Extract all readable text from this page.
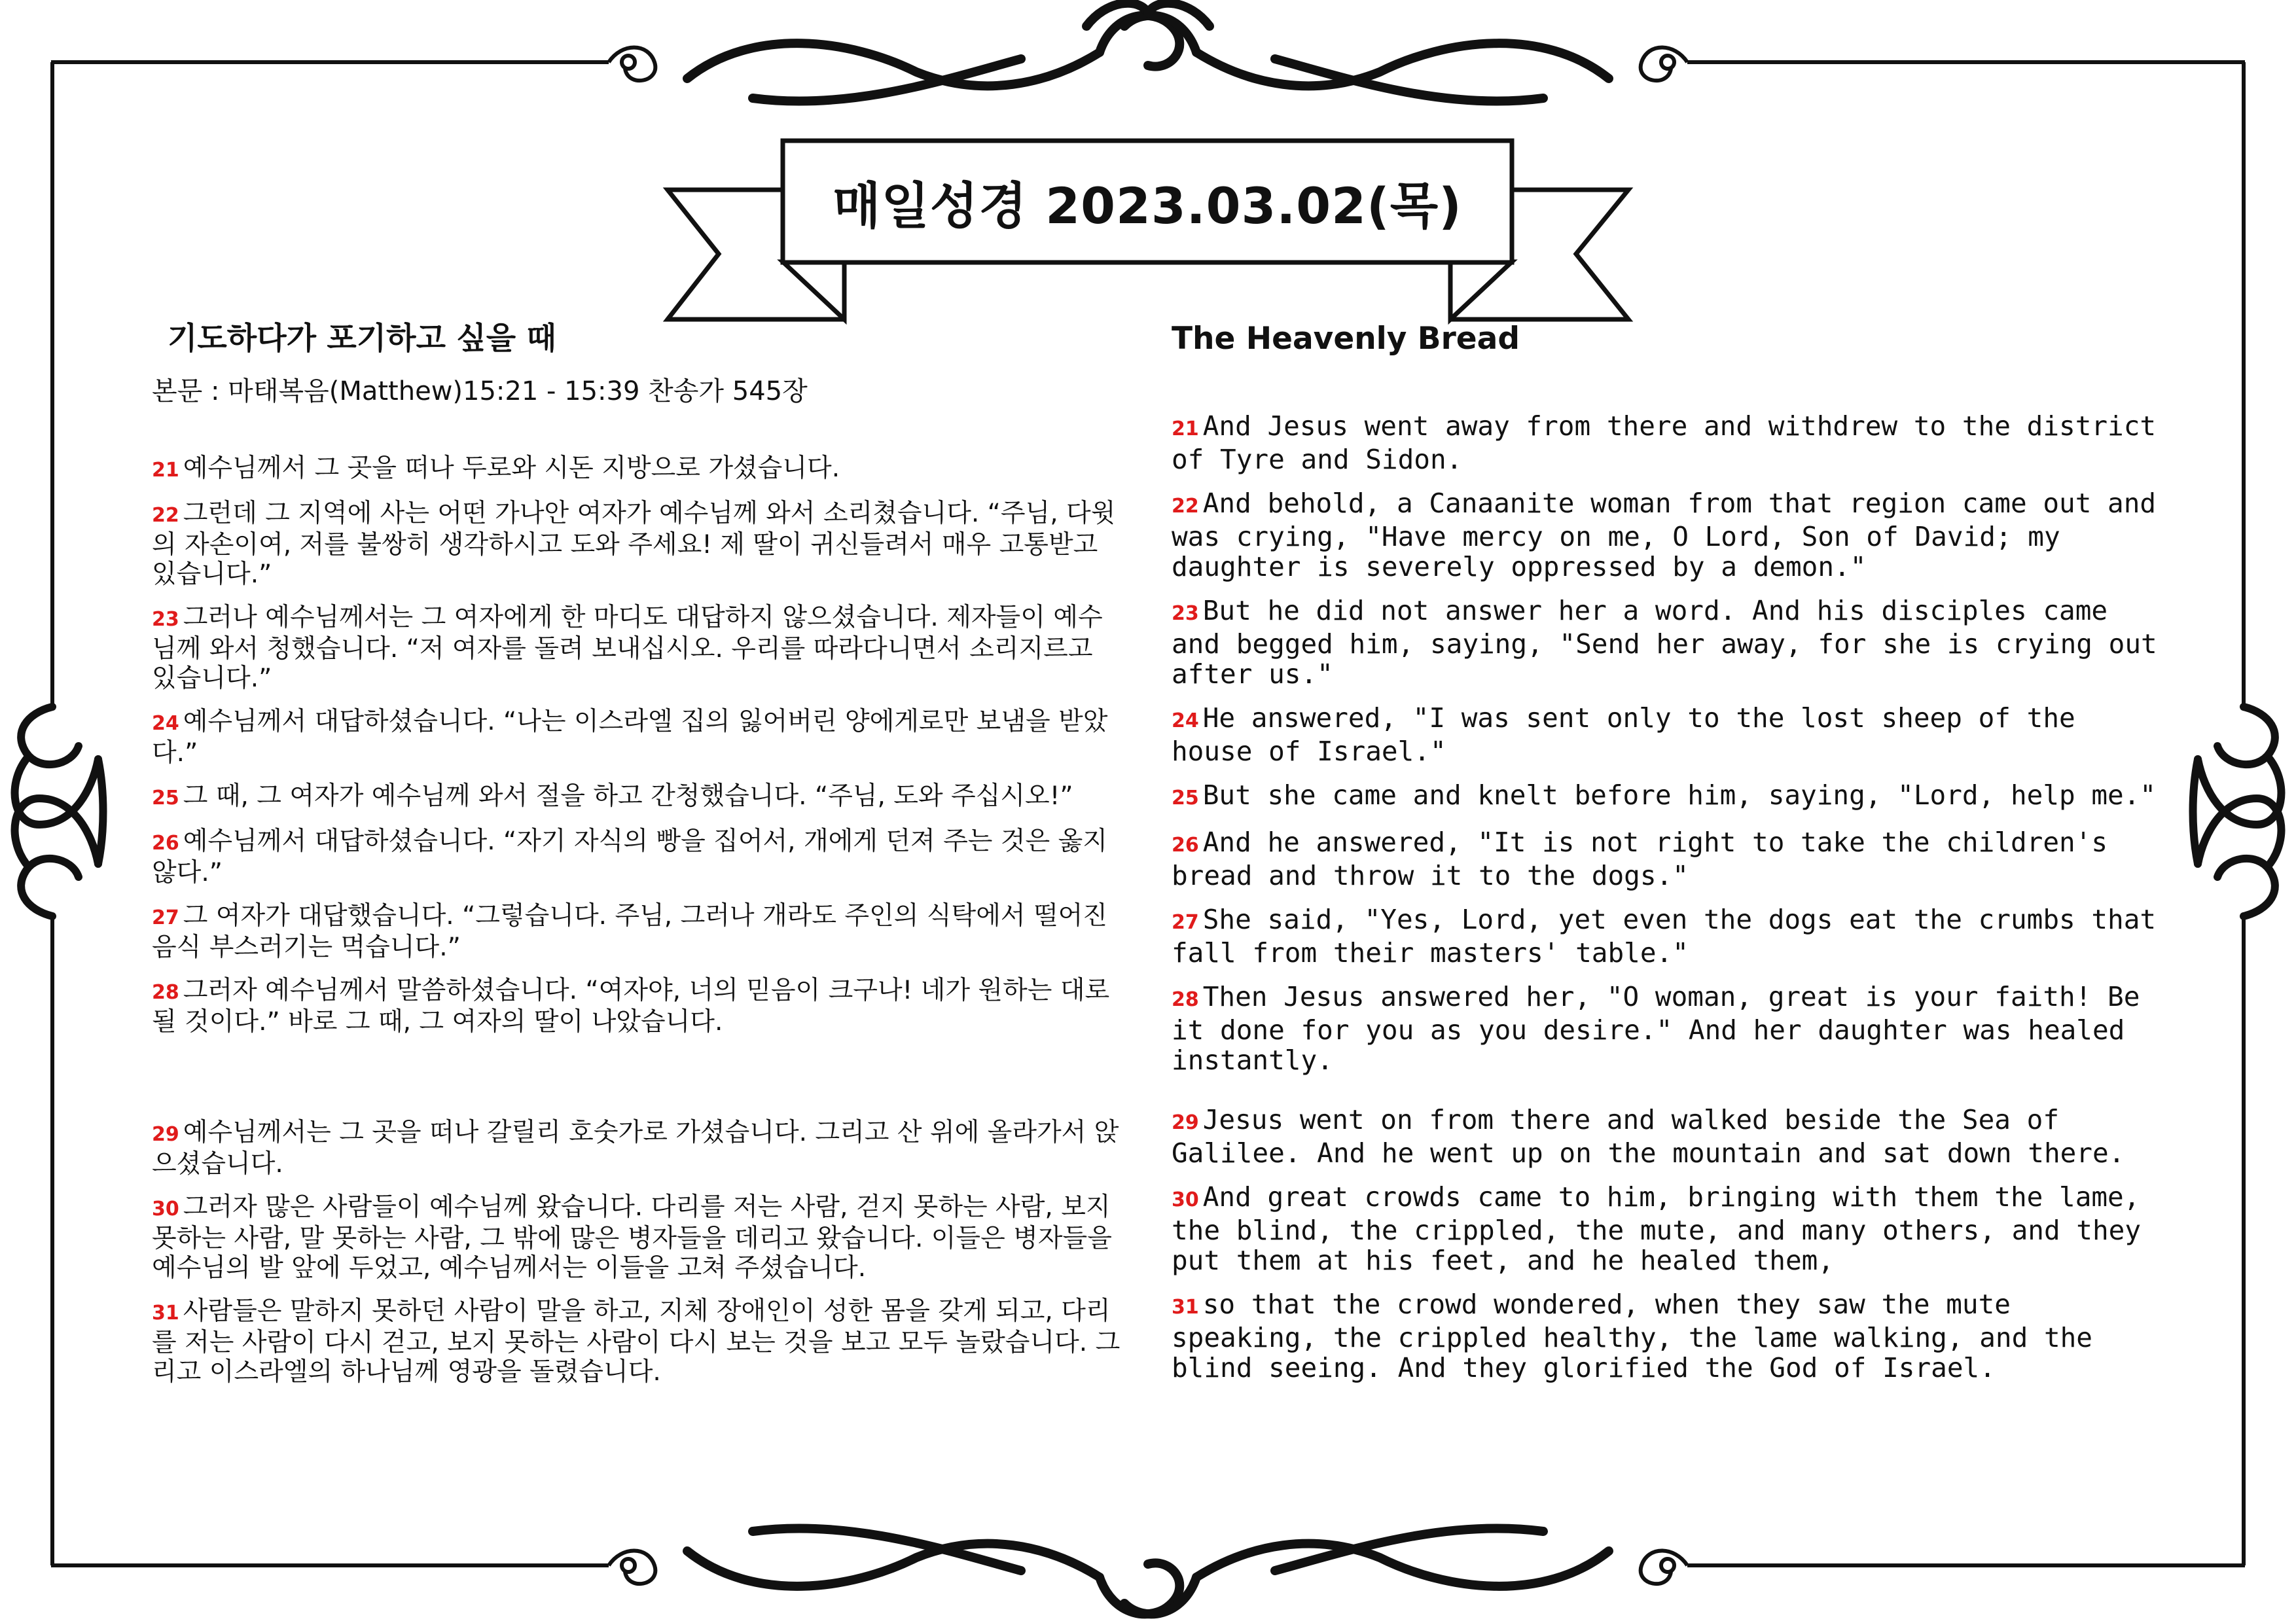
매일성경 2023.03.02(목)
기도하다가 포기하고 싶을 때
본문 : 마태복음(Matthew)15:21 - 15:39 찬송가 545장

21 예수님께서 그 곳을 떠나 두로와 시돈 지방으로 가셨습니다.

22 그런데 그 지역에 사는 어떤 가나안 여자가 예수님께 와서 소리쳤습니다. “주님, 다윗의 자손이여, 저를 불쌍히 생각하시고 도와 주세요! 제 딸이 귀신들려서 매우 고통받고 있습니다.”

23 그러나 예수님께서는 그 여자에게 한 마디도 대답하지 않으셨습니다. 제자들이 예수님께 와서 청했습니다. “저 여자를 돌려 보내십시오. 우리를 따라다니면서 소리지르고 있습니다.”

24 예수님께서 대답하셨습니다. “나는 이스라엘 집의 잃어버린 양에게로만 보냄을 받았다.”

25 그 때, 그 여자가 예수님께 와서 절을 하고 간청했습니다. “주님, 도와 주십시오!”

26 예수님께서 대답하셨습니다. “자기 자식의 빵을 집어서, 개에게 던져 주는 것은 옳지 않다.”

27 그 여자가 대답했습니다. “그렇습니다. 주님, 그러나 개라도 주인의 식탁에서 떨어진 음식 부스러기는 먹습니다.”

28 그러자 예수님께서 말씀하셨습니다. “여자야, 너의 믿음이 크구나! 네가 원하는 대로 될 것이다.” 바로 그 때, 그 여자의 딸이 나았습니다.

29 예수님께서는 그 곳을 떠나 갈릴리 호숫가로 가셨습니다. 그리고 산 위에 올라가서 앉으셨습니다.

30 그러자 많은 사람들이 예수님께 왔습니다. 다리를 저는 사람, 걷지 못하는 사람, 보지 못하는 사람, 말 못하는 사람, 그 밖에 많은 병자들을 데리고 왔습니다. 이들은 병자들을 예수님의 발 앞에 두었고, 예수님께서는 이들을 고쳐 주셨습니다.

31 사람들은 말하지 못하던 사람이 말을 하고, 지체 장애인이 성한 몸을 갖게 되고, 다리를 저는 사람이 다시 걷고, 보지 못하는 사람이 다시 보는 것을 보고 모두 놀랐습니다. 그리고 이스라엘의 하나님께 영광을 돌렸습니다.

The Heavenly Bread

21 And Jesus went away from there and withdrew to the district of Tyre and Sidon.

22 And behold, a Canaanite woman from that region came out and was crying, "Have mercy on me, O Lord, Son of David; my daughter is severely oppressed by a demon."

23 But he did not answer her a word. And his disciples came and begged him, saying, "Send her away, for she is crying out after us."

24 He answered, "I was sent only to the lost sheep of the house of Israel."

25 But she came and knelt before him, saying, "Lord, help me."

26 And he answered, "It is not right to take the children's bread and throw it to the dogs."

27 She said, "Yes, Lord, yet even the dogs eat the crumbs that fall from their masters' table."

28 Then Jesus answered her, "O woman, great is your faith! Be it done for you as you desire." And her daughter was healed instantly.

29 Jesus went on from there and walked beside the Sea of Galilee. And he went up on the mountain and sat down there.

30 And great crowds came to him, bringing with them the lame, the blind, the crippled, the mute, and many others, and they put them at his feet, and he healed them,

31 so that the crowd wondered, when they saw the mute speaking, the crippled healthy, the lame walking, and the blind seeing. And they glorified the God of Israel.
